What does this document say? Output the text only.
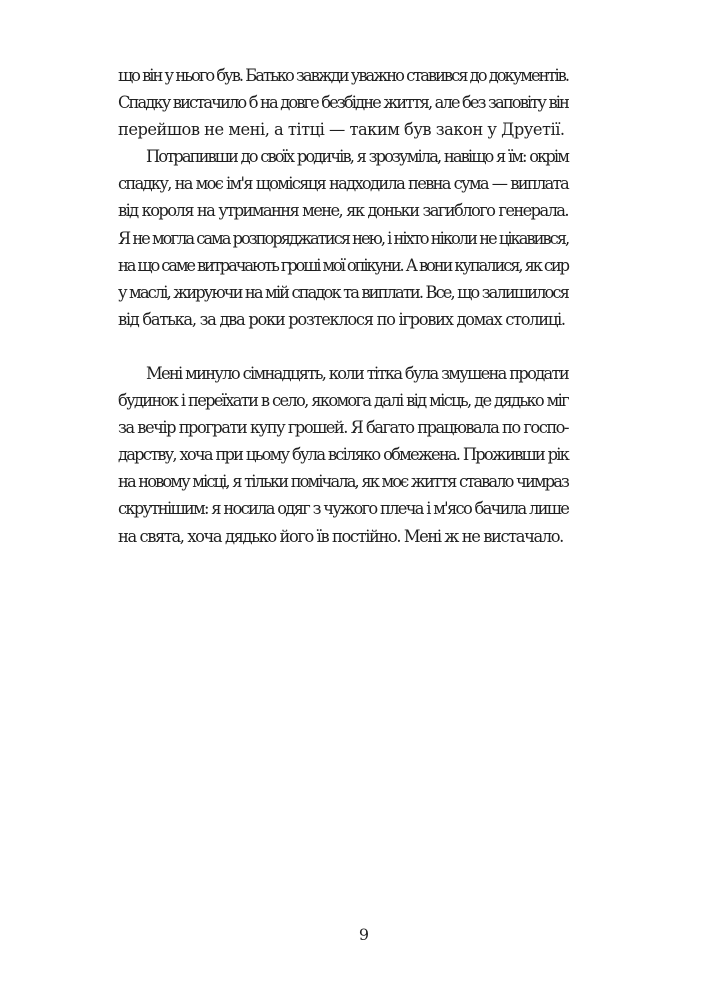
що він у нього був. Батько завжди уважно ставився до документів.
Спадку вистачило б на довге безбідне життя, але без заповіту він
перейшов не мені, а тітці — таким був закон у Друетії.
Потрапивши до своїх родичів, я зрозуміла, навіщо я їм: окрім
спадку, на моє ім'я щомісяця надходила певна сума — виплата
від короля на утримання мене, як доньки загиблого генерала.
Я не могла сама розпоряджатися нею, і ніхто ніколи не цікавився,
на що саме витрачають гроші мої опікуни. А вони купалися, як сир
у маслі, жируючи на мій спадок та виплати. Все, що залишилося
від батька, за два роки розтеклося по ігрових домах столиці.
Мені минуло сімнадцять, коли тітка була змушена продати
будинок і переїхати в село, якомога далі від місць, де дядько міг
за вечір програти купу грошей. Я багато працювала по госпо-
дарству, хоча при цьому була всіляко обмежена. Проживши рік
на новому місці, я тільки помічала, як моє життя ставало чимраз
скрутнішим: я носила одяг з чужого плеча і м'ясо бачила лише
на свята, хоча дядько його їв постійно. Мені ж не вистачало.
9
